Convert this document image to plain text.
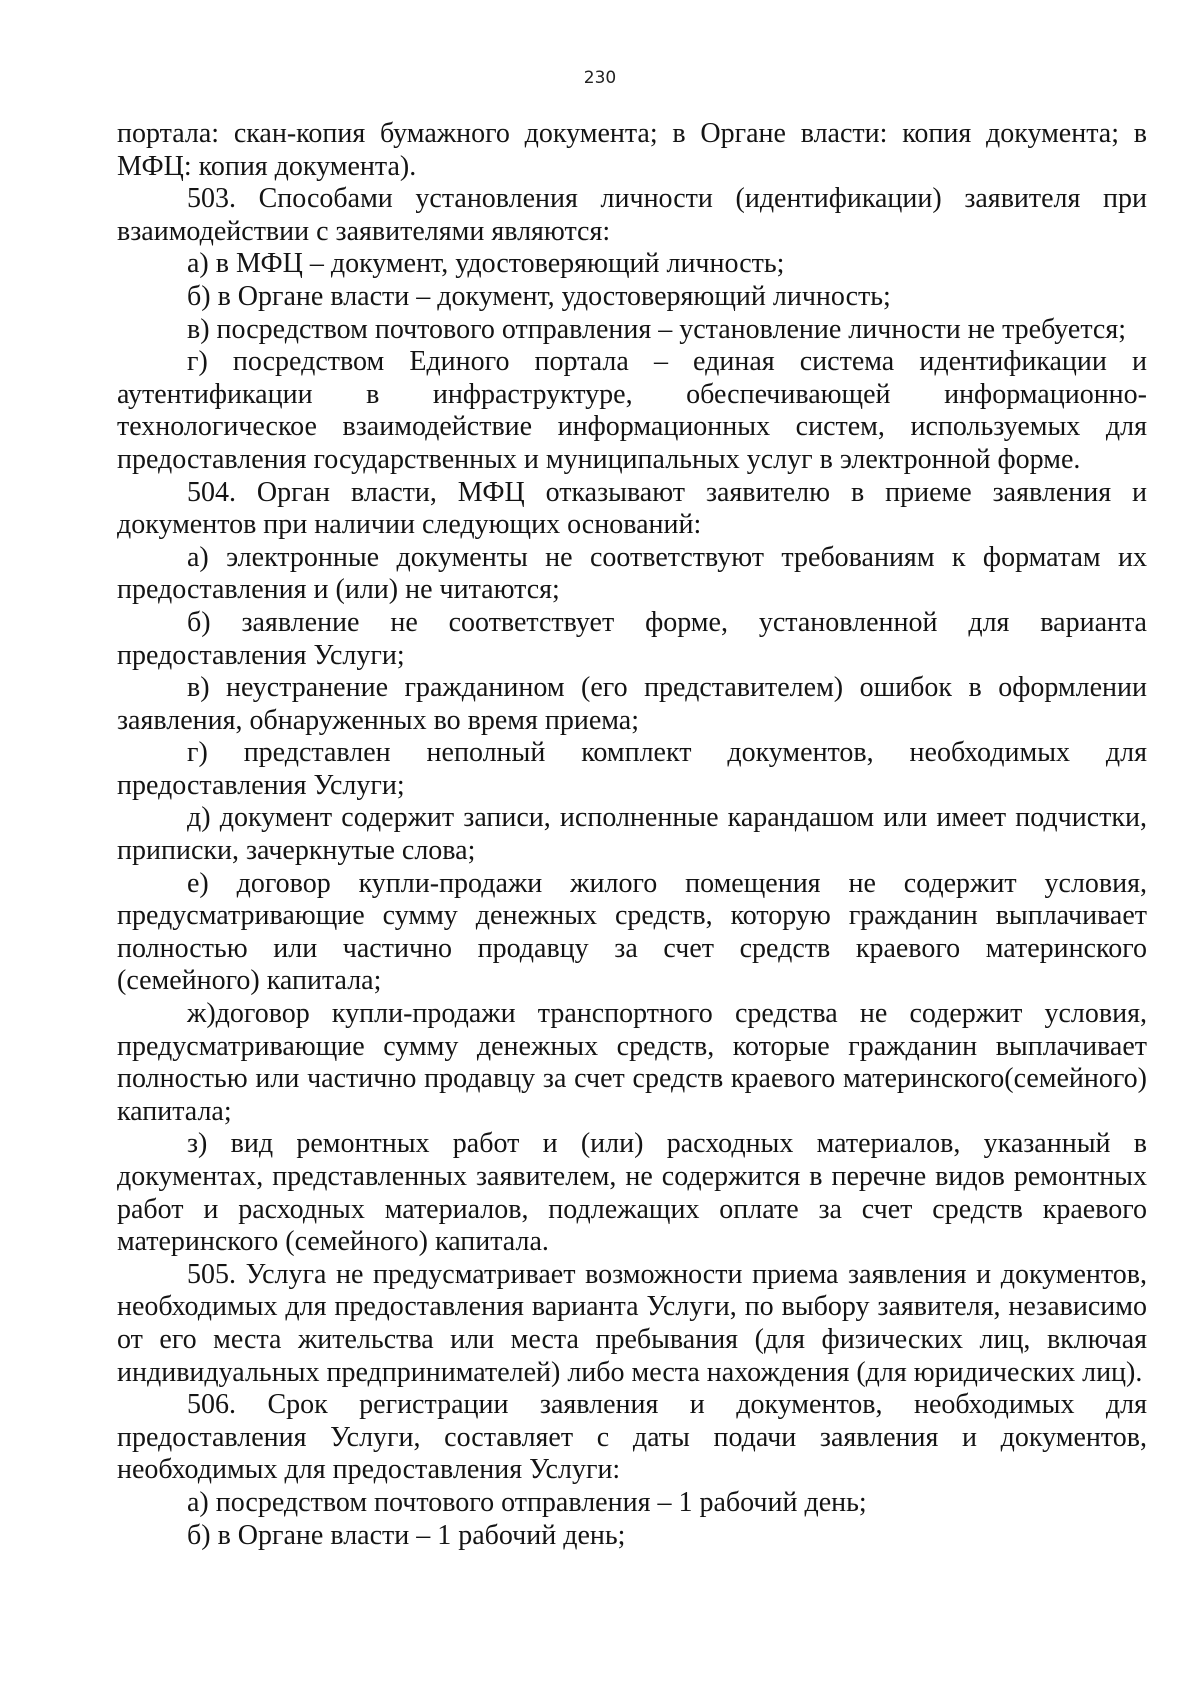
230

портала: скан-копия бумажного документа; в Органе власти: копия документа; в МФЦ: копия документа).

503. Способами установления личности (идентификации) заявителя при взаимодействии с заявителями являются:

а) в МФЦ – документ, удостоверяющий личность;

б) в Органе власти – документ, удостоверяющий личность;

в) посредством почтового отправления – установление личности не требуется;

г) посредством Единого портала – единая система идентификации и аутентификации в инфраструктуре, обеспечивающей информационно-технологическое взаимодействие информационных систем, используемых для предоставления государственных и муниципальных услуг в электронной форме.

504. Орган власти, МФЦ отказывают заявителю в приеме заявления и документов при наличии следующих оснований:

а) электронные документы не соответствуют требованиям к форматам их предоставления и (или) не читаются;

б) заявление не соответствует форме, установленной для варианта предоставления Услуги;

в) неустранение гражданином (его представителем) ошибок в оформлении заявления, обнаруженных во время приема;

г) представлен неполный комплект документов, необходимых для предоставления Услуги;

д) документ содержит записи, исполненные карандашом или имеет подчистки, приписки, зачеркнутые слова;

е) договор купли-продажи жилого помещения не содержит условия, предусматривающие сумму денежных средств, которую гражданин выплачивает полностью или частично продавцу за счет средств краевого материнского (семейного) капитала;

ж)договор купли-продажи транспортного средства не содержит условия, предусматривающие сумму денежных средств, которые гражданин выплачивает полностью или частично продавцу за счет средств краевого материнского(семейного) капитала;

з) вид ремонтных работ и (или) расходных материалов, указанный в документах, представленных заявителем, не содержится в перечне видов ремонтных работ и расходных материалов, подлежащих оплате за счет средств краевого материнского (семейного) капитала.

505. Услуга не предусматривает возможности приема заявления и документов, необходимых для предоставления варианта Услуги, по выбору заявителя, независимо от его места жительства или места пребывания (для физических лиц, включая индивидуальных предпринимателей) либо места нахождения (для юридических лиц).

506. Срок регистрации заявления и документов, необходимых для предоставления Услуги, составляет с даты подачи заявления и документов, необходимых для предоставления Услуги:

а) посредством почтового отправления – 1 рабочий день;

б) в Органе власти – 1 рабочий день;
